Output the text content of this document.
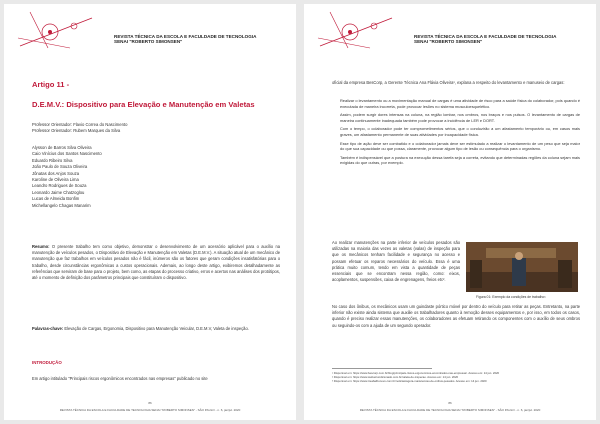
REVISTA TÉCNICA DA ESCOLA E FACULDADE DE TECNOLOGIA
SENAI "ROBERTO SIMONSEN"
Artigo 11 -
D.E.M.V.: Dispositivo para Elevação e Manutenção em Valetas
Professor Orientador: Flavio Correa do Nascimento
Professor Orientador: Rubem Marques da Silva
Alysson de Barros Silva Oliveira
Caio Vinícius dos Santos Nascimento
Eduardo Ribeiro Silva
João Paulo de Souza Oliveira
Jônatas dos Anjos Souza
Karoline de Oliveira Lima
Leandro Rodrigues de Souza
Leonardo Jaime Chatzoglou
Lucas de Almeida Bonfim
Michellangelo Chagas Manarim
Resumo: O presente trabalho tem como objetivo, demonstrar o desenvolvimento de um acessório aplicável para o auxílio na manutenção de veículos pesados, o Dispositivo de Elevação e Manutenção em Valetas (D.E.M.V.). A situação atual de um mecânico de manutenção que faz trabalhos em veículos pesados não é fácil, inúmeros são os fatores que geram condições insatisfatórias para o trabalho, desde circunstâncias ergonômicas a custos operacionais. Ademais, ao longo deste artigo, exibiremos detalhadamente as referências que serviram de base para o projeto, bem como, as etapas do processo criativo, erros e acertos nas análises dos protótipos, até o momento de definição dos parâmetros principais que constituíram o dispositivo.
Palavras-chave: Elevação de Cargas, Ergonomia, Dispositivo para Manutenção Veicular, D.E.M.V, Valeta de inspeção.
INTRODUÇÃO
Em artigo intitulado "Principais riscos ergonômicos encontrados nas empresas" publicado no site
86
REVISTA TÉCNICA DA ESCOLA E FACULDADE DE TECNOLOGIA SENAI "ROBERTO SIMONSEN" - SÃO PAULO - n. 6, jan/jul. 2020
REVISTA TÉCNICA DA ESCOLA E FACULDADE DE TECNOLOGIA
SENAI "ROBERTO SIMONSEN"
oficial da empresa BesCorp, a Gerente Técnica Ana Flávia Oliveira¹, explana a respeito do levantamento e manuseio de cargas:

Realizar o levantamento ou a movimentação manual de cargas é uma atividade de risco para a saúde física do colaborador, pois quando é executada de maneira incorreta, pode provocar lesões no sistema musculoesquelético.

Assim, podem surgir dores intensas na coluna, na região lombar, nos ombros, nos braços e nos pulsos. O levantamento de cargas de maneira continuamente inadequada também pode provocar a incidência de LER e DORT.

Com o tempo, o colaborador pode ter comprometimentos sérios, que o conduzirão a um afastamento temporário ou, em casos mais graves, um afastamento permanente de suas atividades por incapacidade física.

Esse tipo de ação deve ser combatido e o colaborador jamais deve ser estimulado a realizar o levantamento de um peso que seja maior do que sua capacidade ou que possa, claramente, provocar algum tipo de lesão ou consequência para o organismo.

Também é indispensável que a postura na execução dessa tarefa seja a correta, evitando que determinadas regiões da coluna sejam mais exigidas do que outras, por exemplo.

Ao realizar manutenções na parte inferior de veículos pesados são utilizadas na maioria das vezes as valetas (valas) de inspeção para que os mecânicos tenham facilidade e segurança no acesso e possam efetuar os reparos necessários do veículo. Essa é uma prática muito comum, tendo em vista a quantidade de peças essenciais que se encontram nessa região, como: eixos, acoplamentos, suspensões, caixa de engrenagens, freios etc².
Figura 01: Exemplo da condições de trabalho³.
No caso dos ônibus, os mecânicos usam um guindaste pórtico móvel por dentro do veículo para retirar as peças. Entretanto, na parte inferior não existe ainda sistema que auxilie os trabalhadores quanto à remoção desses equipamentos e, por isso, em todos os casos, quando é preciso realizar essas manutenções, os colaboradores as efetuam retirando os componentes com o auxílio de seus ombros ou seguindo-os com a ajuda de um segundo operador.
¹ Disponível em: https://www.bescorp.com.br/blog/principais-riscos-ergonomicos-encontrados-nas-empresas/. Acesso em: 14 jun. 2020
² Disponível em: https://www.webarcondicionado.com.br/valeta-de-inspecao. Acesso em: 14 jun. 2020
³ Disponível em: https://www.treabalhonovo.com.br/noticias/agora-manutencao-de-onibus-pesados. Acesso em: 14 jun. 2020
86
REVISTA TÉCNICA DA ESCOLA E FACULDADE DE TECNOLOGIA SENAI "ROBERTO SIMONSEN" - SÃO PAULO - n. 6, jan/jul. 2020
